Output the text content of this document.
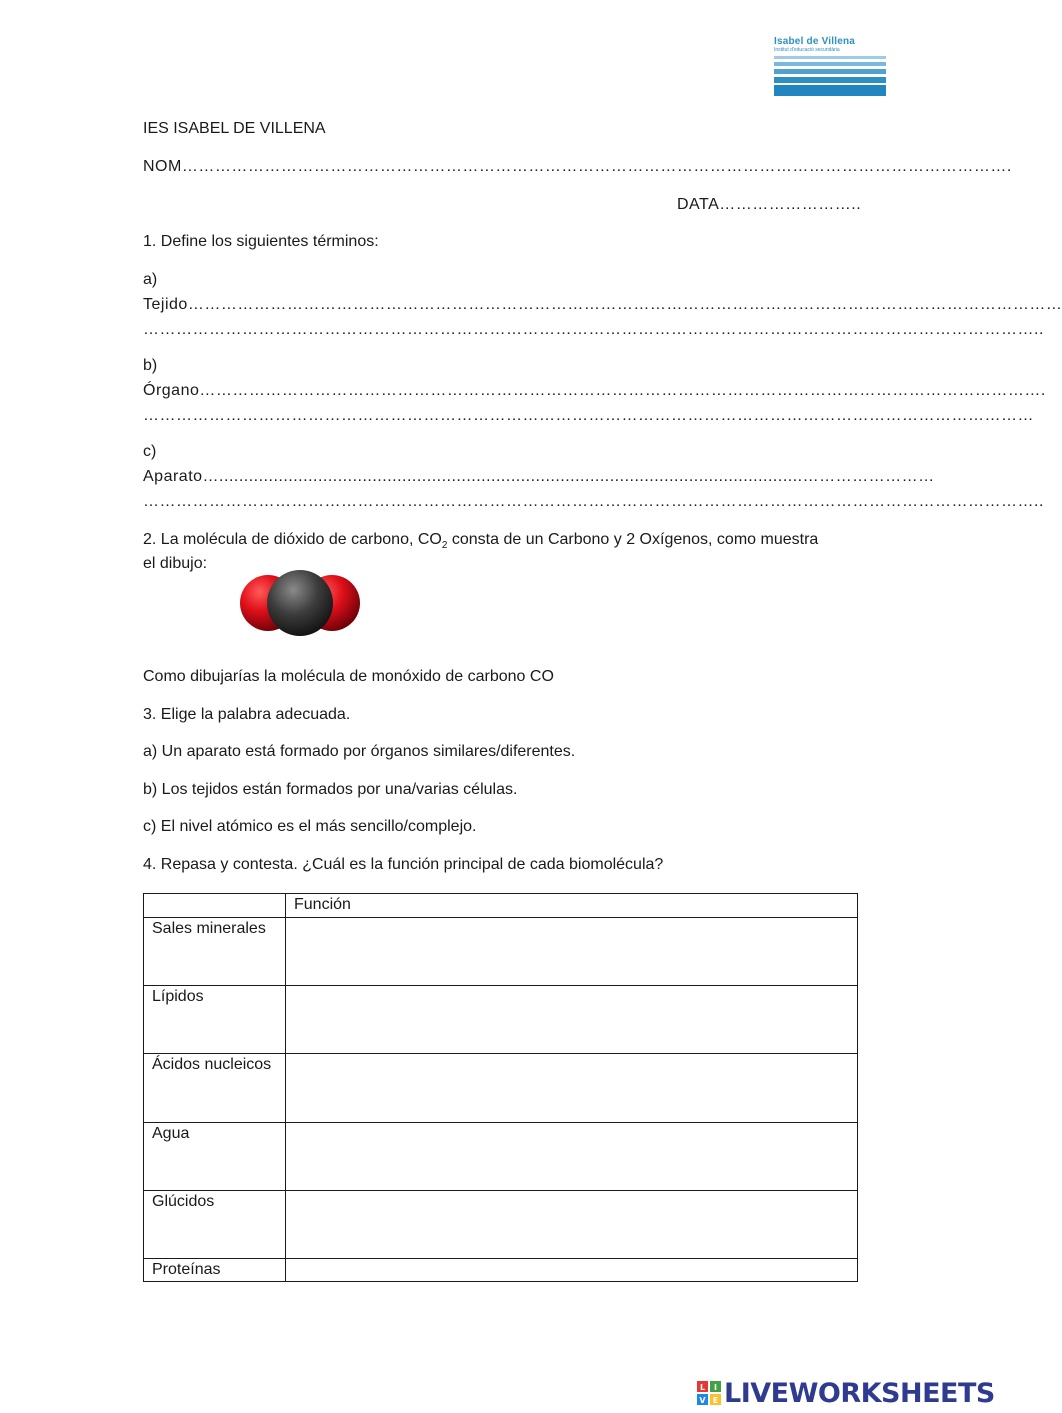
Isabel de Villena
Institut d'educació secundària
IES ISABEL DE VILLENA
NOM…………………………………………………………………………………………………………………………………….
DATA……………………..
1. Define los siguientes términos:
a)
Tejido……………………………………………………………………………………………………………………………………………
………………………………………………………………………………………………………………………………………………..
b)
Órgano……………………………………………………………………………………………………………………………………….
………………………………………………………………………………………………………………………………………………
c)
Aparato…......................................................................................................................……………………
………………………………………………………………………………………………………………………………………………..
2. La molécula de dióxido de carbono, $CO_2$ consta de un Carbono y 2 Oxígenos, como muestra
el dibujo:
Como dibujarías la molécula de monóxido de carbono CO
3. Elige la palabra adecuada.
a) Un aparato está formado por órganos similares/diferentes.
b) Los tejidos están formados por una/varias células.
c) El nivel atómico es el más sencillo/complejo.
4. Repasa y contesta. ¿Cuál es la función principal de cada biomolécula?
	Función
Sales minerales	
Lípidos	
Ácidos nucleicos	
Agua	
Glúcidos	
Proteínas	
L I
V E LIVEWORKSHEETS
